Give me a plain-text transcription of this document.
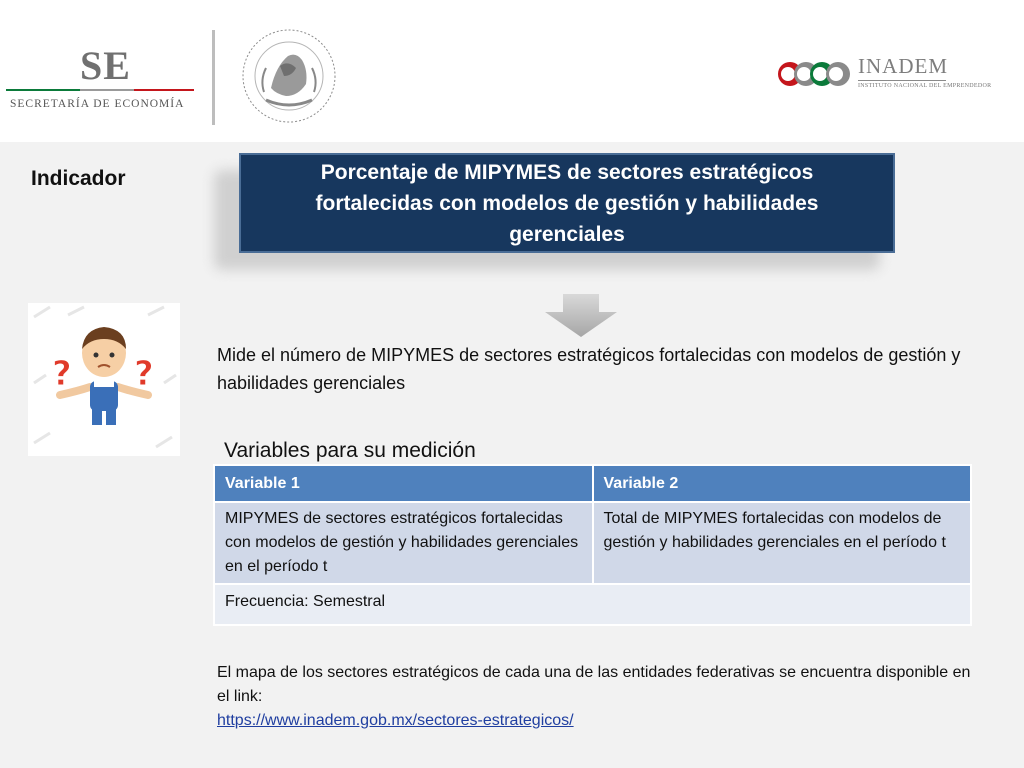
SE
SECRETARÍA DE ECONOMÍA
INADEM
INSTITUTO NACIONAL DEL EMPRENDEDOR
Indicador	Porcentaje de MIPYMES de sectores estratégicos fortalecidas con modelos de gestión y habilidades gerenciales
? ?	Mide el número de MIPYMES de sectores estratégicos fortalecidas con modelos de gestión y habilidades gerenciales
Variables para su medición
Variable 1	Variable 2
MIPYMES de sectores estratégicos fortalecidas con modelos de gestión y habilidades gerenciales en el período t	Total de MIPYMES fortalecidas con modelos de gestión y habilidades gerenciales en el período t
Frecuencia: Semestral	
El mapa de los sectores estratégicos de cada una de las entidades federativas se encuentra disponible en el link:
https://www.inadem.gob.mx/sectores-estrategicos/
